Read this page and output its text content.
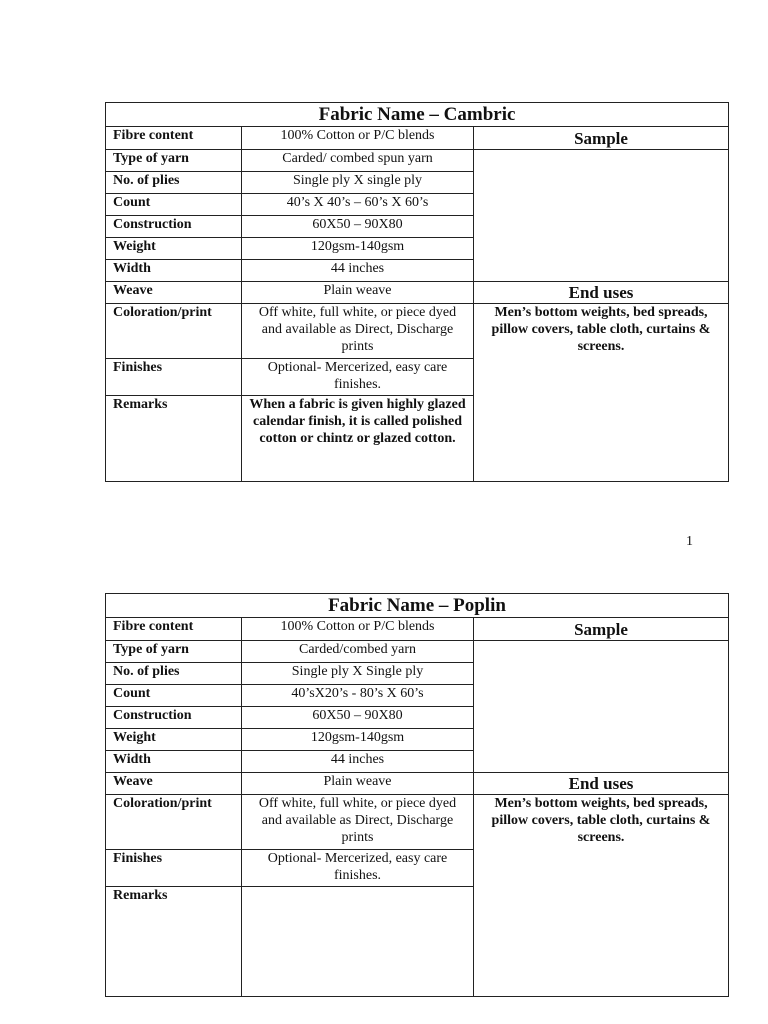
Fabric Name – Cambric		
Fibre content	100% Cotton or P/C blends	Sample
Type of yarn	Carded/ combed spun yarn	
No. of plies	Single ply X single ply	
Count	40’s X 40’s – 60’s X 60’s	
Construction	60X50 – 90X80	
Weight	120gsm-140gsm	
Width	44 inches	
Weave	Plain weave	End uses
Coloration/print	Off white, full white, or piece dyed and available as Direct, Discharge prints	Men’s bottom weights, bed spreads, pillow covers, table cloth, curtains & screens.
Finishes	Optional- Mercerized, easy care finishes.	
Remarks	When a fabric is given highly glazed calendar finish, it is called polished cotton or chintz or glazed cotton.	
1
Fabric Name – Poplin		
Fibre content	100% Cotton or P/C blends	Sample
Type of yarn	Carded/combed yarn	
No. of plies	Single ply X Single ply	
Count	40’sX20’s - 80’s X 60’s	
Construction	60X50 – 90X80	
Weight	120gsm-140gsm	
Width	44 inches	
Weave	Plain weave	End uses
Coloration/print	Off white, full white, or piece dyed and available as Direct, Discharge prints	Men’s bottom weights, bed spreads, pillow covers, table cloth, curtains & screens.
Finishes	Optional- Mercerized, easy care finishes.	
Remarks		
